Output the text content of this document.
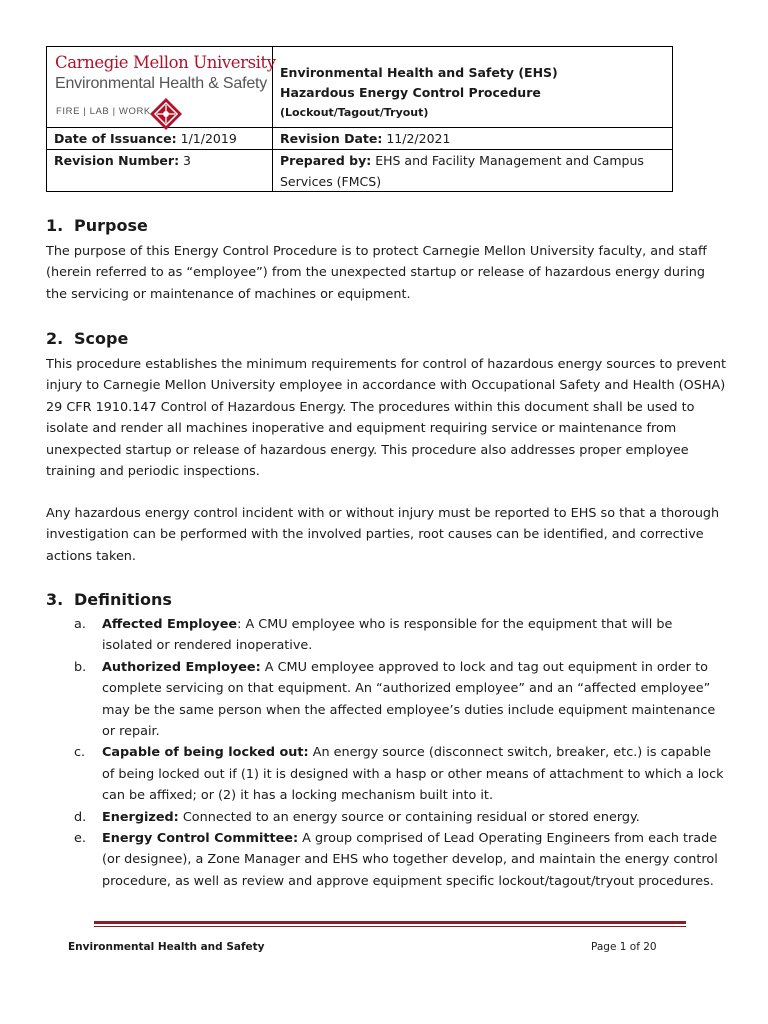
Carnegie Mellon University
Environmental Health & Safety
FIRE | LAB | WORK
Environmental Health and Safety (EHS)
Hazardous Energy Control Procedure
(Lockout/Tagout/Tryout)
Date of Issuance: 1/1/2019	Revision Date: 11/2/2021
Revision Number: 3	Prepared by: EHS and Facility Management and Campus Services (FMCS)
1. Purpose

The purpose of this Energy Control Procedure is to protect Carnegie Mellon University faculty, and staff (herein referred to as “employee”) from the unexpected startup or release of hazardous energy during the servicing or maintenance of machines or equipment.

2. Scope

This procedure establishes the minimum requirements for control of hazardous energy sources to prevent injury to Carnegie Mellon University employee in accordance with Occupational Safety and Health (OSHA) 29 CFR 1910.147 Control of Hazardous Energy. The procedures within this document shall be used to isolate and render all machines inoperative and equipment requiring service or maintenance from unexpected startup or release of hazardous energy. This procedure also addresses proper employee training and periodic inspections.

Any hazardous energy control incident with or without injury must be reported to EHS so that a thorough investigation can be performed with the involved parties, root causes can be identified, and corrective actions taken.

3. Definitions
a. Affected Employee: A CMU employee who is responsible for the equipment that will be isolated or rendered inoperative.
b. Authorized Employee: A CMU employee approved to lock and tag out equipment in order to complete servicing on that equipment. An “authorized employee” and an “affected employee” may be the same person when the affected employee’s duties include equipment maintenance or repair.
c. Capable of being locked out: An energy source (disconnect switch, breaker, etc.) is capable of being locked out if (1) it is designed with a hasp or other means of attachment to which a lock can be affixed; or (2) it has a locking mechanism built into it.
d. Energized: Connected to an energy source or containing residual or stored energy.
e. Energy Control Committee: A group comprised of Lead Operating Engineers from each trade (or designee), a Zone Manager and EHS who together develop, and maintain the energy control procedure, as well as review and approve equipment specific lockout/tagout/tryout procedures.
Environmental Health and Safety	Page 1 of 20
